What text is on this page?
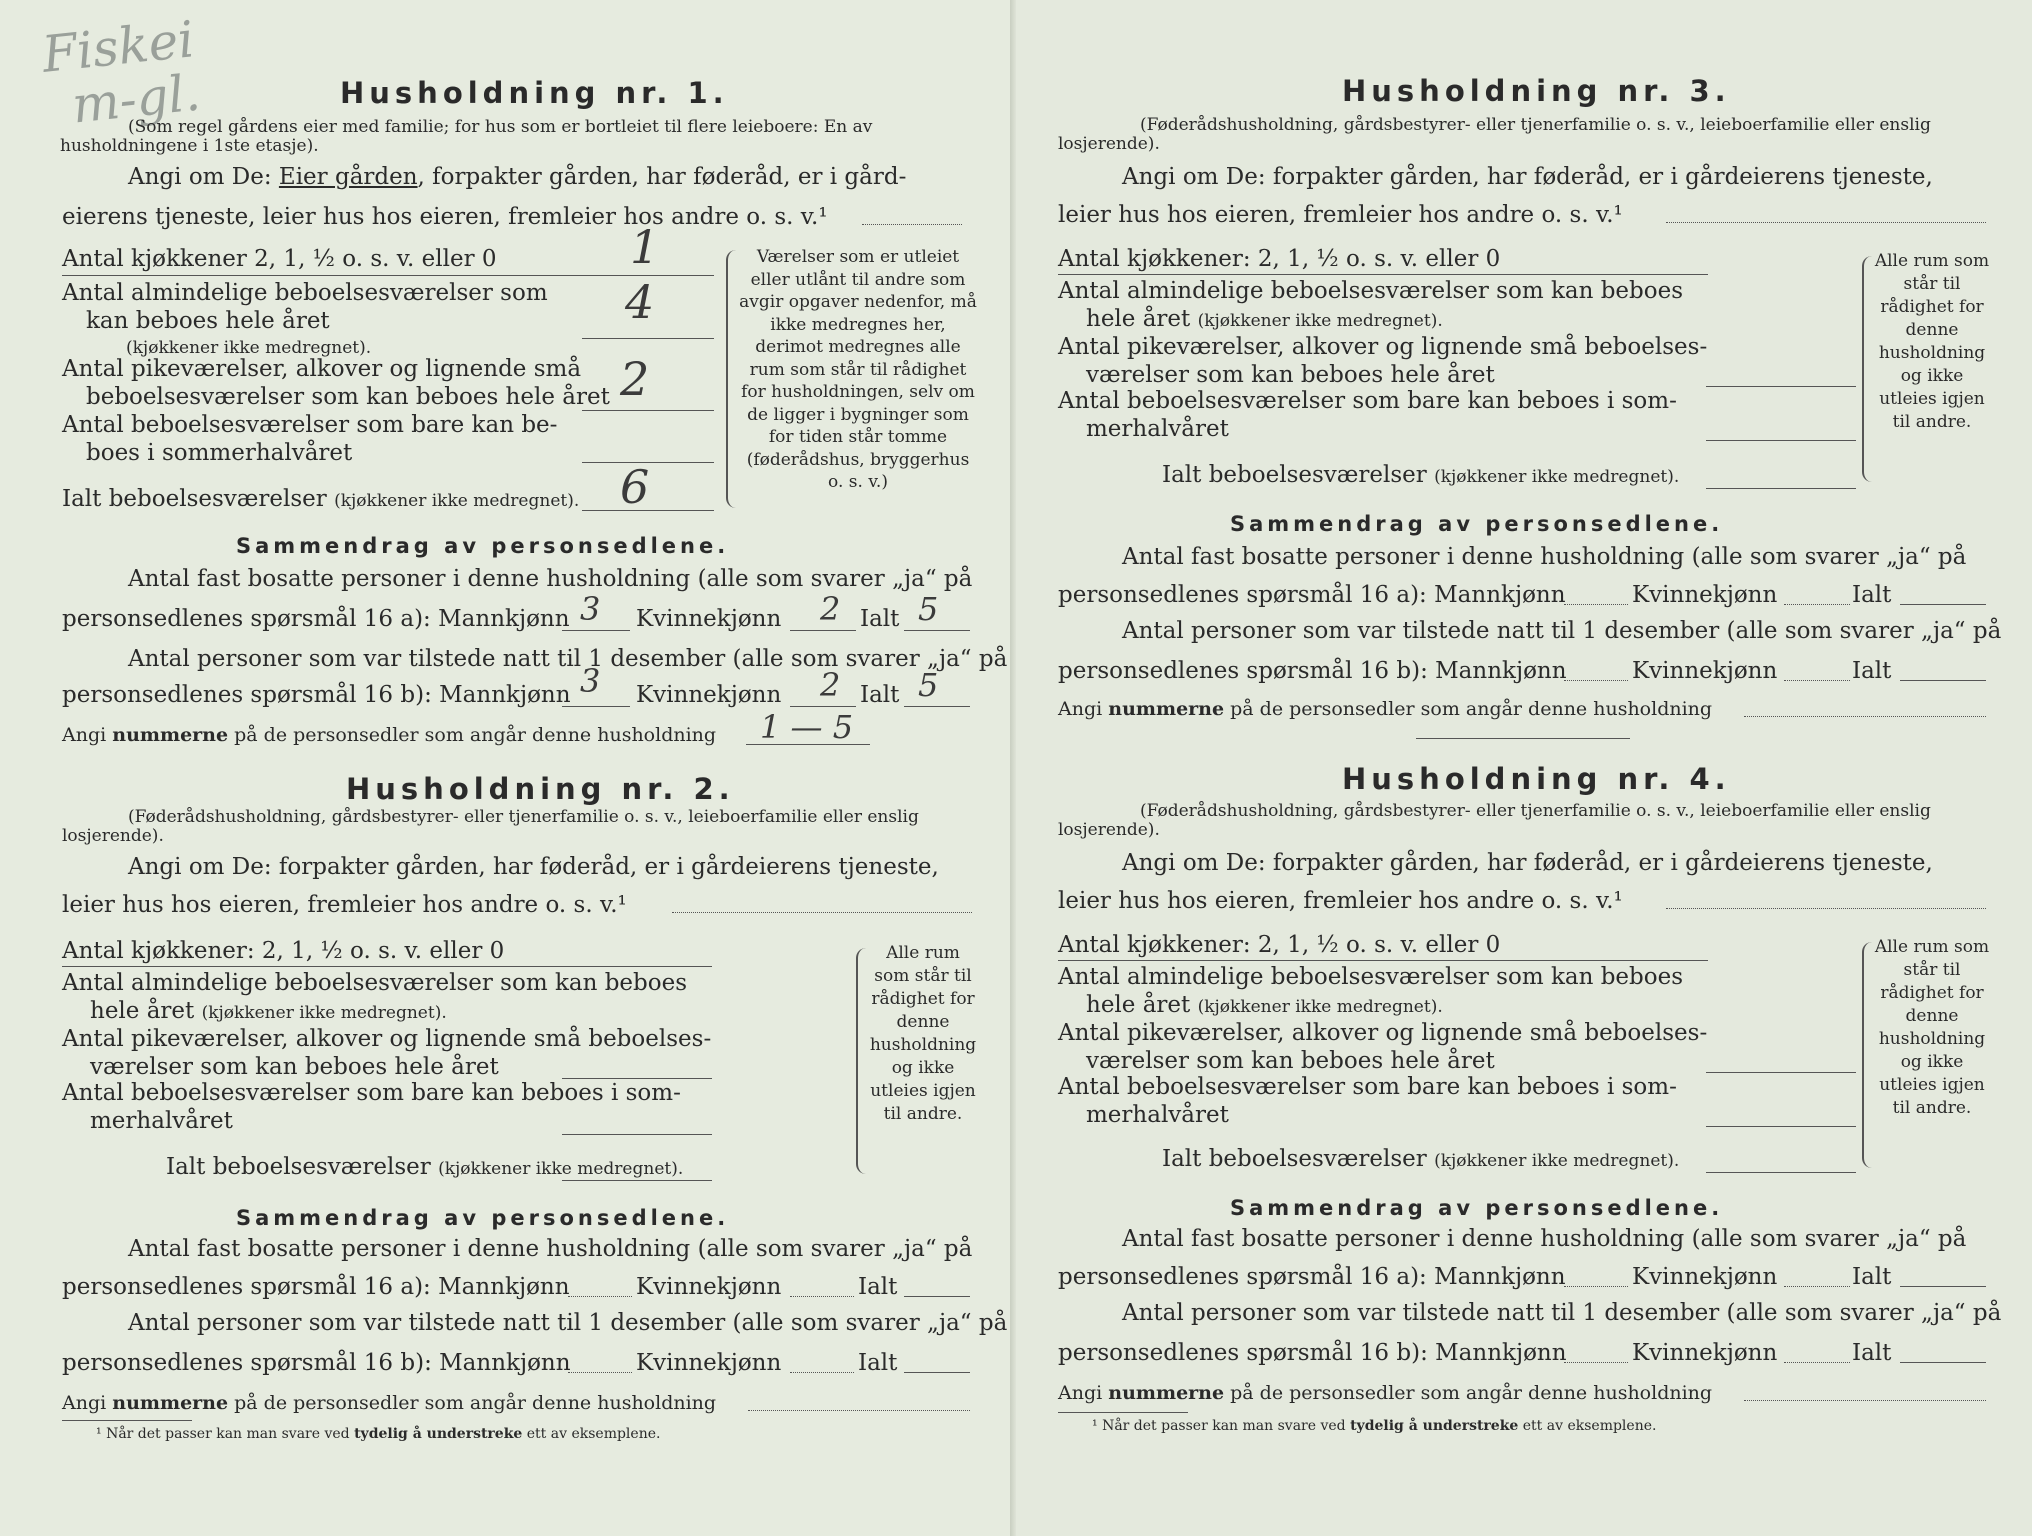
Fiskei
m-gl.	Husholdning nr. 1.
(Som regel gårdens eier med familie; for hus som er bortleiet til flere leieboere: En av husholdningene i 1ste etasje).
Angi om De: Eier gården, forpakter gården, har føderåd, er i gård-
eierens tjeneste, leier hus hos eieren, fremleier hos andre o. s. v.¹
Antal kjøkkener 2, 1, ½ o. s. v. eller 0	1
Antal almindelige beboelsesværelser som
kan beboes hele året
(kjøkkener ikke medregnet).
4
Antal pikeværelser, alkover og lignende små
beboelsesværelser som kan beboes hele året 2
Antal beboelsesværelser som bare kan be-
boes i sommerhalvåret
Ialt beboelsesværelser (kjøkkener ikke medregnet). 6
Værelser som er utleiet eller utlånt til andre som avgir opgaver nedenfor, må ikke medregnes her, derimot medregnes alle rum som står til rådighet for husholdningen, selv om de ligger i bygninger som for tiden står tomme (føderådshus, bryggerhus o. s. v.)
Sammendrag av personsedlene.
Antal fast bosatte personer i denne husholdning (alle som svarer „ja“ på
personsedlenes spørsmål 16 a): Mannkjønn 3 Kvinnekjønn 2 Ialt 5
Antal personer som var tilstede natt til 1 desember (alle som svarer „ja“ på
personsedlenes spørsmål 16 b): Mannkjønn 3 Kvinnekjønn 2 Ialt 5
Angi nummerne på de personsedler som angår denne husholdning 1 — 5
Husholdning nr. 2.
(Føderådshusholdning, gårdsbestyrer- eller tjenerfamilie o. s. v., leieboerfamilie eller enslig losjerende).
Angi om De: forpakter gården, har føderåd, er i gårdeierens tjeneste,
leier hus hos eieren, fremleier hos andre o. s. v.¹
Antal kjøkkener: 2, 1, ½ o. s. v. eller 0
Antal almindelige beboelsesværelser som kan beboes
hele året (kjøkkener ikke medregnet).
Antal pikeværelser, alkover og lignende små beboelses-
værelser som kan beboes hele året
Antal beboelsesværelser som bare kan beboes i som-
merhalvåret
Ialt beboelsesværelser (kjøkkener ikke medregnet).
Alle rum som står til rådighet for denne husholdning og ikke utleies igjen til andre.
Sammendrag av personsedlene.
Antal fast bosatte personer i denne husholdning (alle som svarer „ja“ på
personsedlenes spørsmål 16 a): Mannkjønn	Kvinnekjønn	Ialt
Antal personer som var tilstede natt til 1 desember (alle som svarer „ja“ på
personsedlenes spørsmål 16 b): Mannkjønn	Kvinnekjønn	Ialt
Angi nummerne på de personsedler som angår denne husholdning
¹ Når det passer kan man svare ved tydelig å understreke ett av eksemplene.
Husholdning nr. 3.
(Føderådshusholdning, gårdsbestyrer- eller tjenerfamilie o. s. v., leieboerfamilie eller enslig losjerende).
Angi om De: forpakter gården, har føderåd, er i gårdeierens tjeneste,
leier hus hos eieren, fremleier hos andre o. s. v.¹
Antal kjøkkener: 2, 1, ½ o. s. v. eller 0
Antal almindelige beboelsesværelser som kan beboes
hele året (kjøkkener ikke medregnet).
Antal pikeværelser, alkover og lignende små beboelses-
værelser som kan beboes hele året
Antal beboelsesværelser som bare kan beboes i som-
merhalvåret
Ialt beboelsesværelser (kjøkkener ikke medregnet).
Alle rum som står til rådighet for denne husholdning og ikke utleies igjen til andre.
Sammendrag av personsedlene.
Antal fast bosatte personer i denne husholdning (alle som svarer „ja“ på
personsedlenes spørsmål 16 a): Mannkjønn	Kvinnekjønn	Ialt
Antal personer som var tilstede natt til 1 desember (alle som svarer „ja“ på
personsedlenes spørsmål 16 b): Mannkjønn	Kvinnekjønn	Ialt
Angi nummerne på de personsedler som angår denne husholdning
Husholdning nr. 4.
(Føderådshusholdning, gårdsbestyrer- eller tjenerfamilie o. s. v., leieboerfamilie eller enslig losjerende).
Angi om De: forpakter gården, har føderåd, er i gårdeierens tjeneste,
leier hus hos eieren, fremleier hos andre o. s. v.¹
Antal kjøkkener: 2, 1, ½ o. s. v. eller 0
Antal almindelige beboelsesværelser som kan beboes
hele året (kjøkkener ikke medregnet).
Antal pikeværelser, alkover og lignende små beboelses-
værelser som kan beboes hele året
Antal beboelsesværelser som bare kan beboes i som-
merhalvåret
Ialt beboelsesværelser (kjøkkener ikke medregnet).
Alle rum som står til rådighet for denne husholdning og ikke utleies igjen til andre.
Sammendrag av personsedlene.
Antal fast bosatte personer i denne husholdning (alle som svarer „ja“ på
personsedlenes spørsmål 16 a): Mannkjønn	Kvinnekjønn	Ialt
Antal personer som var tilstede natt til 1 desember (alle som svarer „ja“ på
personsedlenes spørsmål 16 b): Mannkjønn	Kvinnekjønn	Ialt
Angi nummerne på de personsedler som angår denne husholdning
¹ Når det passer kan man svare ved tydelig å understreke ett av eksemplene.
